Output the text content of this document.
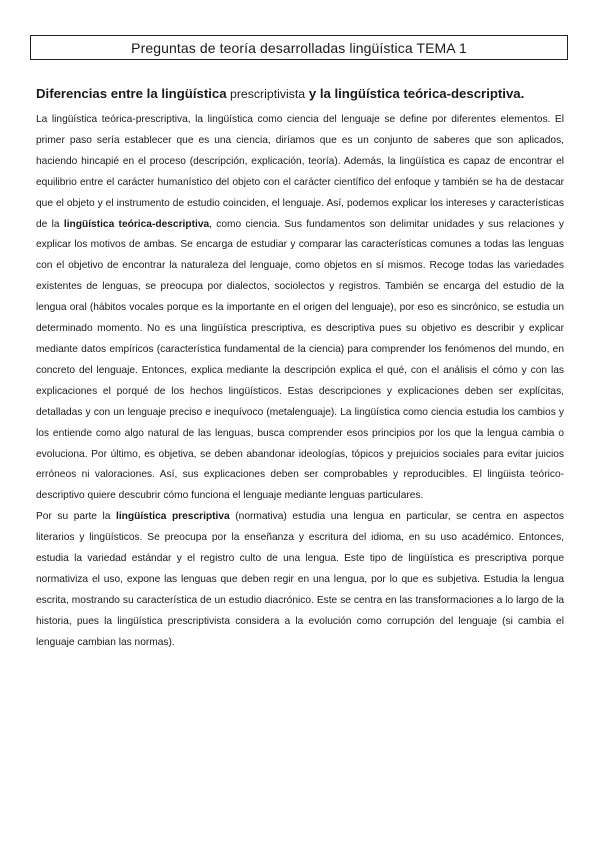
Preguntas de teoría desarrolladas lingüística TEMA 1
Diferencias entre la lingüística prescriptivista y la lingüística teórica-descriptiva.

La lingüística teórica-prescriptiva, la lingüística como ciencia del lenguaje se define por diferentes elementos. El primer paso sería establecer que es una ciencia, diríamos que es un conjunto de saberes que son aplicados, haciendo hincapié en el proceso (descripción, explicación, teoría). Además, la lingüística es capaz de encontrar el equilibrio entre el carácter humanístico del objeto con el carácter científico del enfoque y también se ha de destacar que el objeto y el instrumento de estudio coinciden, el lenguaje. Así, podemos explicar los intereses y características de la lingüística teórica-descriptiva, como ciencia. Sus fundamentos son delimitar unidades y sus relaciones y explicar los motivos de ambas. Se encarga de estudiar y comparar las características comunes a todas las lenguas con el objetivo de encontrar la naturaleza del lenguaje, como objetos en sí mismos. Recoge todas las variedades existentes de lenguas, se preocupa por dialectos, sociolectos y registros. También se encarga del estudio de la lengua oral (hábitos vocales porque es la importante en el origen del lenguaje), por eso es sincrónico, se estudia un determinado momento. No es una lingüística prescriptiva, es descriptiva pues su objetivo es describir y explicar mediante datos empíricos (característica fundamental de la ciencia) para comprender los fenómenos del mundo, en concreto del lenguaje. Entonces, explica mediante la descripción explica el qué, con el análisis el cómo y con las explicaciones el porqué de los hechos lingüísticos. Estas descripciones y explicaciones deben ser explícitas, detalladas y con un lenguaje preciso e inequívoco (metalenguaje). La lingüística como ciencia estudia los cambios y los entiende como algo natural de las lenguas, busca comprender esos principios por los que la lengua cambia o evoluciona. Por último, es objetiva, se deben abandonar ideologías, tópicos y prejuicios sociales para evitar juicios erróneos ni valoraciones. Así, sus explicaciones deben ser comprobables y reproducibles. El lingüista teórico-descriptivo quiere descubrir cómo funciona el lenguaje mediante lenguas particulares.

Por su parte la lingüística prescriptiva (normativa) estudia una lengua en particular, se centra en aspectos literarios y lingüísticos. Se preocupa por la enseñanza y escritura del idioma, en su uso académico. Entonces, estudia la variedad estándar y el registro culto de una lengua. Este tipo de lingüística es prescriptiva porque normativiza el uso, expone las lenguas que deben regir en una lengua, por lo que es subjetiva. Estudia la lengua escrita, mostrando su característica de un estudio diacrónico. Este se centra en las transformaciones a lo largo de la historia, pues la lingüística prescriptivista considera a la evolución como corrupción del lenguaje (si cambia el lenguaje cambian las normas).
